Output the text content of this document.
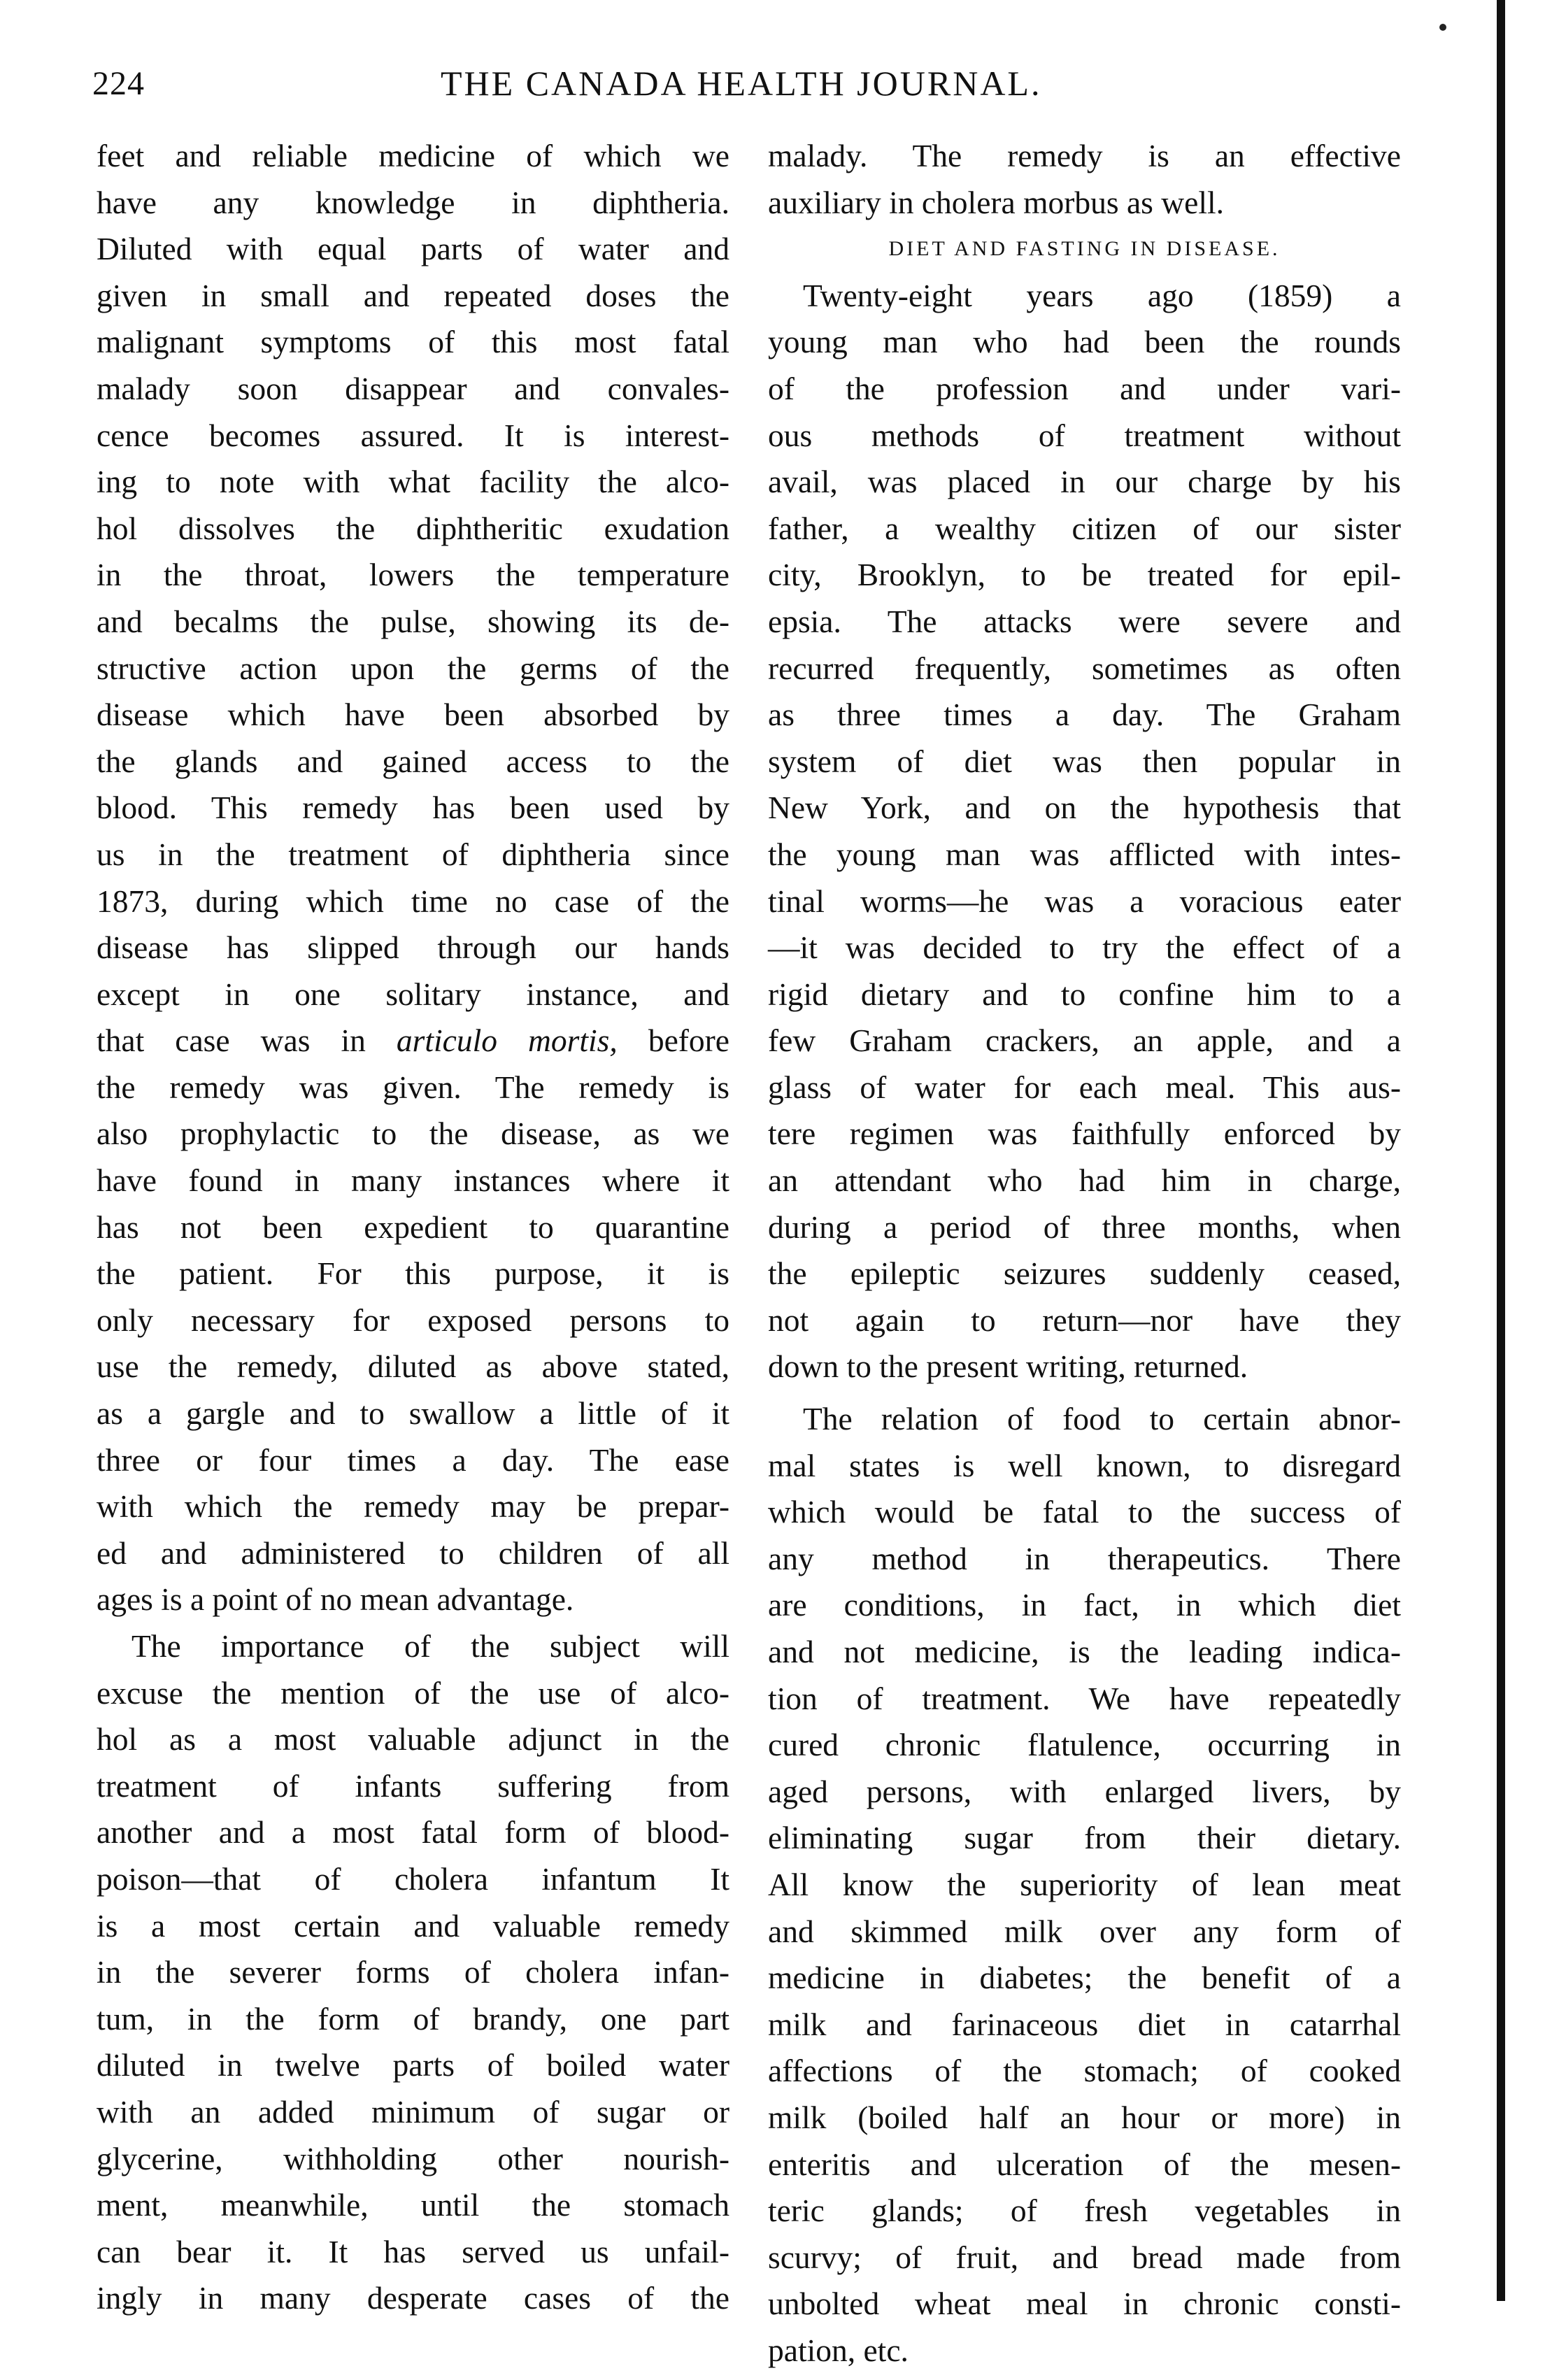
224	THE CANADA HEALTH JOURNAL.
feet and reliable medicine of which we
have any knowledge in diphtheria.
Diluted with equal parts of water and
given in small and repeated doses the
malignant symptoms of this most fatal
malady soon disappear and convales-
cence becomes assured. It is interest-
ing to note with what facility the alco-
hol dissolves the diphtheritic exudation
in the throat, lowers the temperature
and becalms the pulse, showing its de-
structive action upon the germs of the
disease which have been absorbed by
the glands and gained access to the
blood. This remedy has been used by
us in the treatment of diphtheria since
1873, during which time no case of the
disease has slipped through our hands
except in one solitary instance, and
that case was in articulo mortis, before
the remedy was given. The remedy is
also prophylactic to the disease, as we
have found in many instances where it
has not been expedient to quarantine
the patient. For this purpose, it is
only necessary for exposed persons to
use the remedy, diluted as above stated,
as a gargle and to swallow a little of it
three or four times a day. The ease
with which the remedy may be prepar-
ed and administered to children of all
ages is a point of no mean advantage.
The importance of the subject will
excuse the mention of the use of alco-
hol as a most valuable adjunct in the
treatment of infants suffering from
another and a most fatal form of blood-
poison—that of cholera infantum It
is a most certain and valuable remedy
in the severer forms of cholera infan-
tum, in the form of brandy, one part
diluted in twelve parts of boiled water
with an added minimum of sugar or
glycerine, withholding other nourish-
ment, meanwhile, until the stomach
can bear it. It has served us unfail-
ingly in many desperate cases of the
malady. The remedy is an effective
auxiliary in cholera morbus as well.
DIET AND FASTING IN DISEASE.
Twenty-eight years ago (1859) a
young man who had been the rounds
of the profession and under vari-
ous methods of treatment without
avail, was placed in our charge by his
father, a wealthy citizen of our sister
city, Brooklyn, to be treated for epil-
epsia. The attacks were severe and
recurred frequently, sometimes as often
as three times a day. The Graham
system of diet was then popular in
New York, and on the hypothesis that
the young man was afflicted with intes-
tinal worms—he was a voracious eater
—it was decided to try the effect of a
rigid dietary and to confine him to a
few Graham crackers, an apple, and a
glass of water for each meal. This aus-
tere regimen was faithfully enforced by
an attendant who had him in charge,
during a period of three months, when
the epileptic seizures suddenly ceased,
not again to return—nor have they
down to the present writing, returned.
The relation of food to certain abnor-
mal states is well known, to disregard
which would be fatal to the success of
any method in therapeutics. There
are conditions, in fact, in which diet
and not medicine, is the leading indica-
tion of treatment. We have repeatedly
cured chronic flatulence, occurring in
aged persons, with enlarged livers, by
eliminating sugar from their dietary.
All know the superiority of lean meat
and skimmed milk over any form of
medicine in diabetes; the benefit of a
milk and farinaceous diet in catarrhal
affections of the stomach; of cooked
milk (boiled half an hour or more) in
enteritis and ulceration of the mesen-
teric glands; of fresh vegetables in
scurvy; of fruit, and bread made from
unbolted wheat meal in chronic consti-
pation, etc.
